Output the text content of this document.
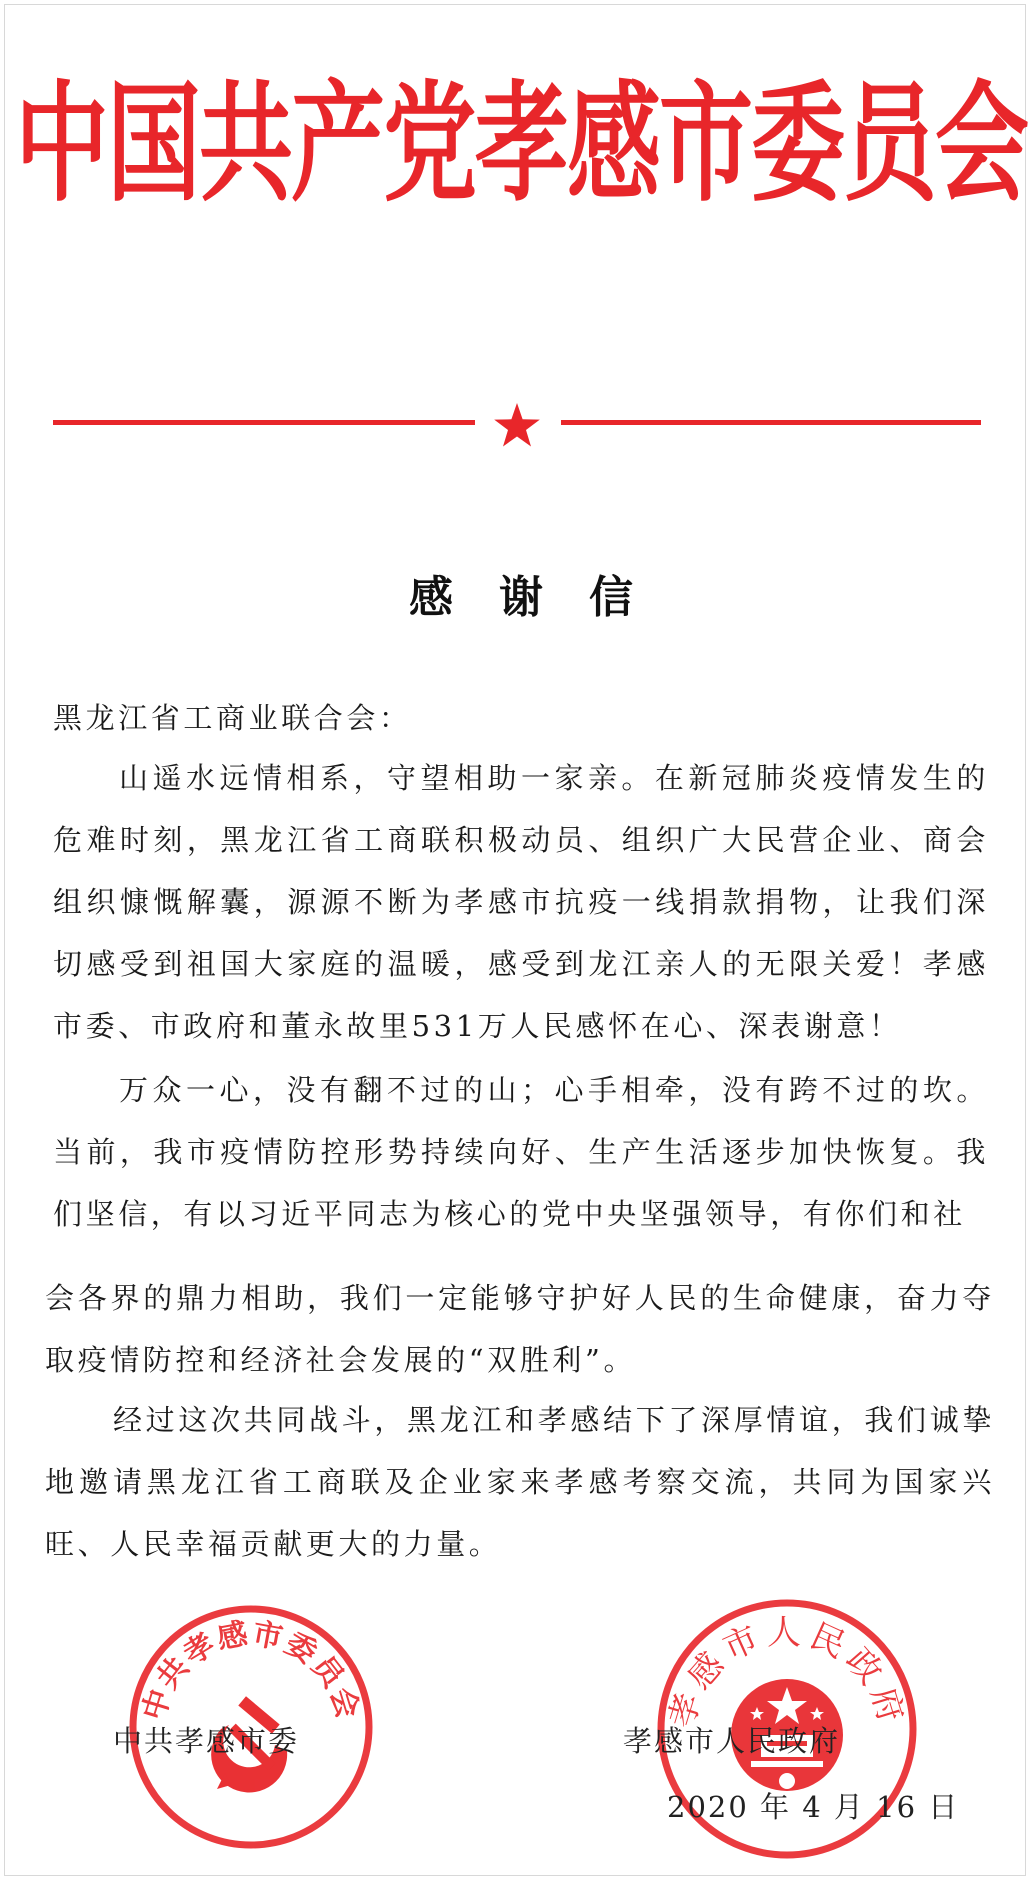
中国共产党孝感市委员会
感谢信

黑龙江省工商业联合会：

山遥水远情相系，守望相助一家亲。在新冠肺炎疫情发生的危难时刻，黑龙江省工商联积极动员、组织广大民营企业、商会组织慷慨解囊，源源不断为孝感市抗疫一线捐款捐物，让我们深切感受到祖国大家庭的温暖，感受到龙江亲人的无限关爱！孝感市委、市政府和董永故里531万人民感怀在心、深表谢意！

万众一心，没有翻不过的山；心手相牵，没有跨不过的坎。当前，我市疫情防控形势持续向好、生产生活逐步加快恢复。我们坚信，有以习近平同志为核心的党中央坚强领导，有你们和社

会各界的鼎力相助，我们一定能够守护好人民的生命健康，奋力夺取疫情防控和经济社会发展的“双胜利”。

经过这次共同战斗，黑龙江和孝感结下了深厚情谊，我们诚挚地邀请黑龙江省工商联及企业家来孝感考察交流，共同为国家兴旺、人民幸福贡献更大的力量。

中共孝感市委员会	孝感市人民政府
中共孝感市委	孝感市人民政府
2020 年 4 月 16 日
